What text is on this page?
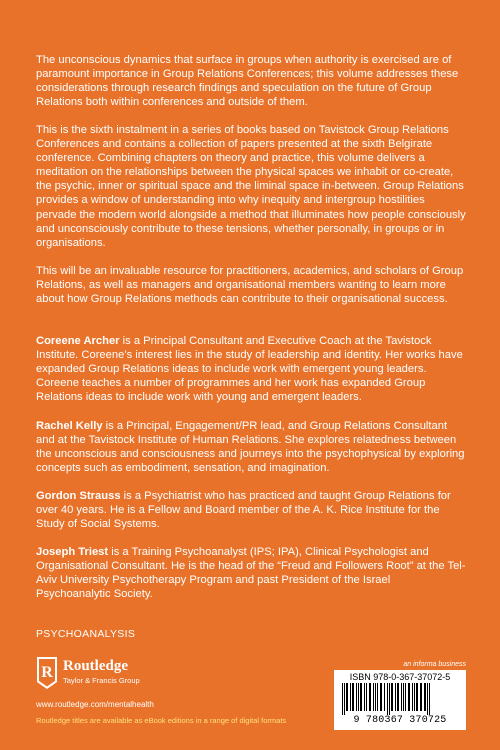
The unconscious dynamics that surface in groups when authority is exercised are of paramount importance in Group Relations Conferences; this volume addresses these considerations through research findings and speculation on the future of Group Relations both within conferences and outside of them.

This is the sixth instalment in a series of books based on Tavistock Group Relations Conferences and contains a collection of papers presented at the sixth Belgirate conference. Combining chapters on theory and practice, this volume delivers a meditation on the relationships between the physical spaces we inhabit or co-create, the psychic, inner or spiritual space and the liminal space in-between. Group Relations provides a window of understanding into why inequity and intergroup hostilities pervade the modern world alongside a method that illuminates how people consciously and unconsciously contribute to these tensions, whether personally, in groups or in organisations.

This will be an invaluable resource for practitioners, academics, and scholars of Group Relations, as well as managers and organisational members wanting to learn more about how Group Relations methods can contribute to their organisational success.

Coreene Archer is a Principal Consultant and Executive Coach at the Tavistock Institute. Coreene’s interest lies in the study of leadership and identity. Her works have expanded Group Relations ideas to include work with emergent young leaders. Coreene teaches a number of programmes and her work has expanded Group Relations ideas to include work with young and emergent leaders.

Rachel Kelly is a Principal, Engagement/PR lead, and Group Relations Consultant and at the Tavistock Institute of Human Relations. She explores relatedness between the unconscious and consciousness and journeys into the psychophysical by exploring concepts such as embodiment, sensation, and imagination.

Gordon Strauss is a Psychiatrist who has practiced and taught Group Relations for over 40 years. He is a Fellow and Board member of the A. K. Rice Institute for the Study of Social Systems.

Joseph Triest is a Training Psychoanalyst (IPS; IPA), Clinical Psychologist and Organisational Consultant. He is the head of the “Freud and Followers Root” at the Tel-Aviv University Psychotherapy Program and past President of the Israel Psychoanalytic Society.

PSYCHOANALYSIS
R Routledge
Taylor & Francis Group
www.routledge.com/mentalhealth
Routledge titles are available as eBook editions in a range of digital formats
an informa business
ISBN 978-0-367-37072-5
9 780367 370725
